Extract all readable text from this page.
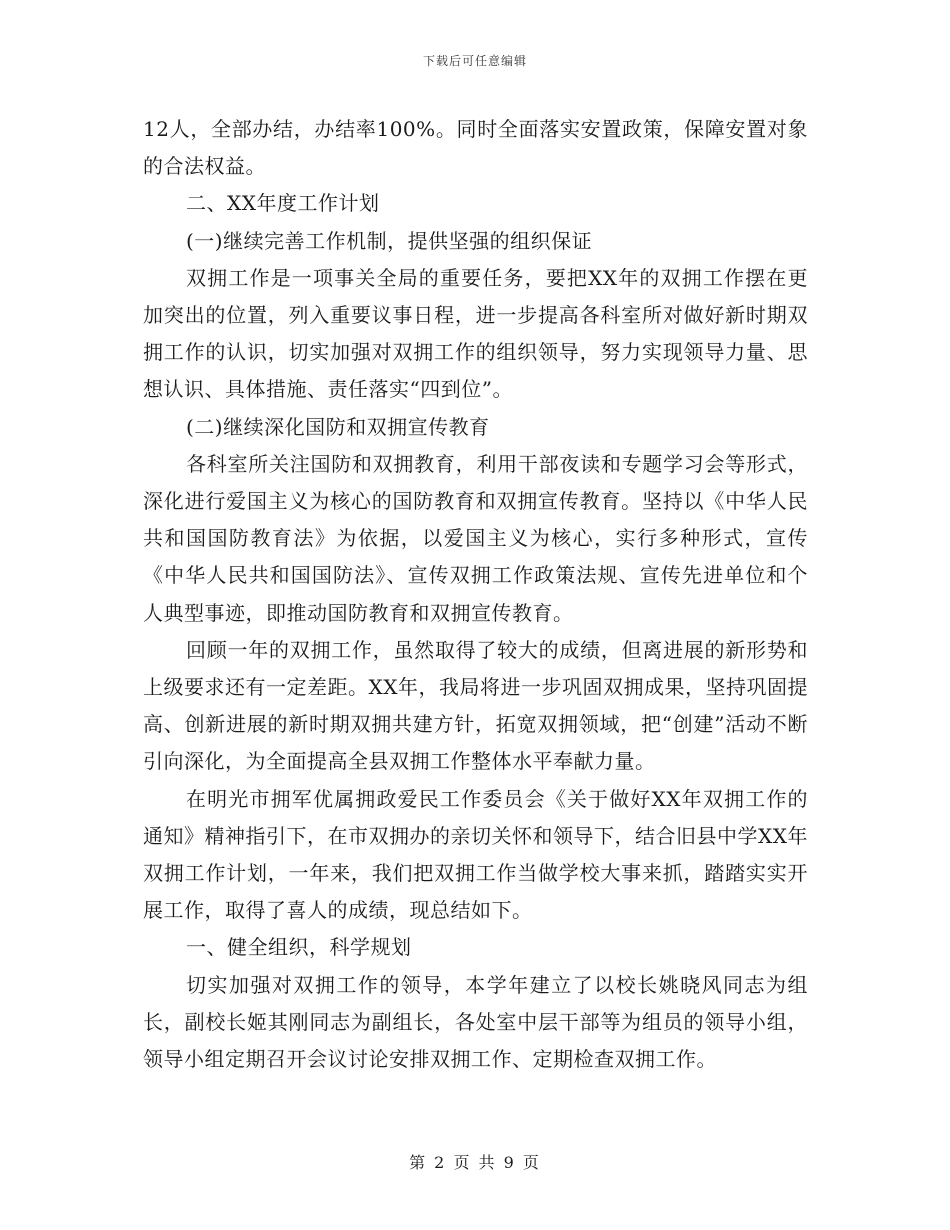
下载后可任意编辑

12人，全部办结，办结率100%。同时全面落实安置政策，保障安置对象的合法权益。

二、XX年度工作计划

(一)继续完善工作机制，提供坚强的组织保证

双拥工作是一项事关全局的重要任务，要把XX年的双拥工作摆在更加突出的位置，列入重要议事日程，进一步提高各科室所对做好新时期双拥工作的认识，切实加强对双拥工作的组织领导，努力实现领导力量、思想认识、具体措施、责任落实“四到位”。

(二)继续深化国防和双拥宣传教育

各科室所关注国防和双拥教育，利用干部夜读和专题学习会等形式，深化进行爱国主义为核心的国防教育和双拥宣传教育。坚持以《中华人民共和国国防教育法》为依据，以爱国主义为核心，实行多种形式，宣传《中华人民共和国国防法》、宣传双拥工作政策法规、宣传先进单位和个人典型事迹，即推动国防教育和双拥宣传教育。

回顾一年的双拥工作，虽然取得了较大的成绩，但离进展的新形势和上级要求还有一定差距。XX年，我局将进一步巩固双拥成果，坚持巩固提高、创新进展的新时期双拥共建方针，拓宽双拥领域，把“创建”活动不断引向深化，为全面提高全县双拥工作整体水平奉献力量。

在明光市拥军优属拥政爱民工作委员会《关于做好XX年双拥工作的通知》精神指引下，在市双拥办的亲切关怀和领导下，结合旧县中学XX年双拥工作计划，一年来，我们把双拥工作当做学校大事来抓，踏踏实实开展工作，取得了喜人的成绩，现总结如下。

一、健全组织，科学规划

切实加强对双拥工作的领导，本学年建立了以校长姚晓风同志为组长，副校长姬其刚同志为副组长，各处室中层干部等为组员的领导小组，领导小组定期召开会议讨论安排双拥工作、定期检查双拥工作。

第 2 页 共 9 页
